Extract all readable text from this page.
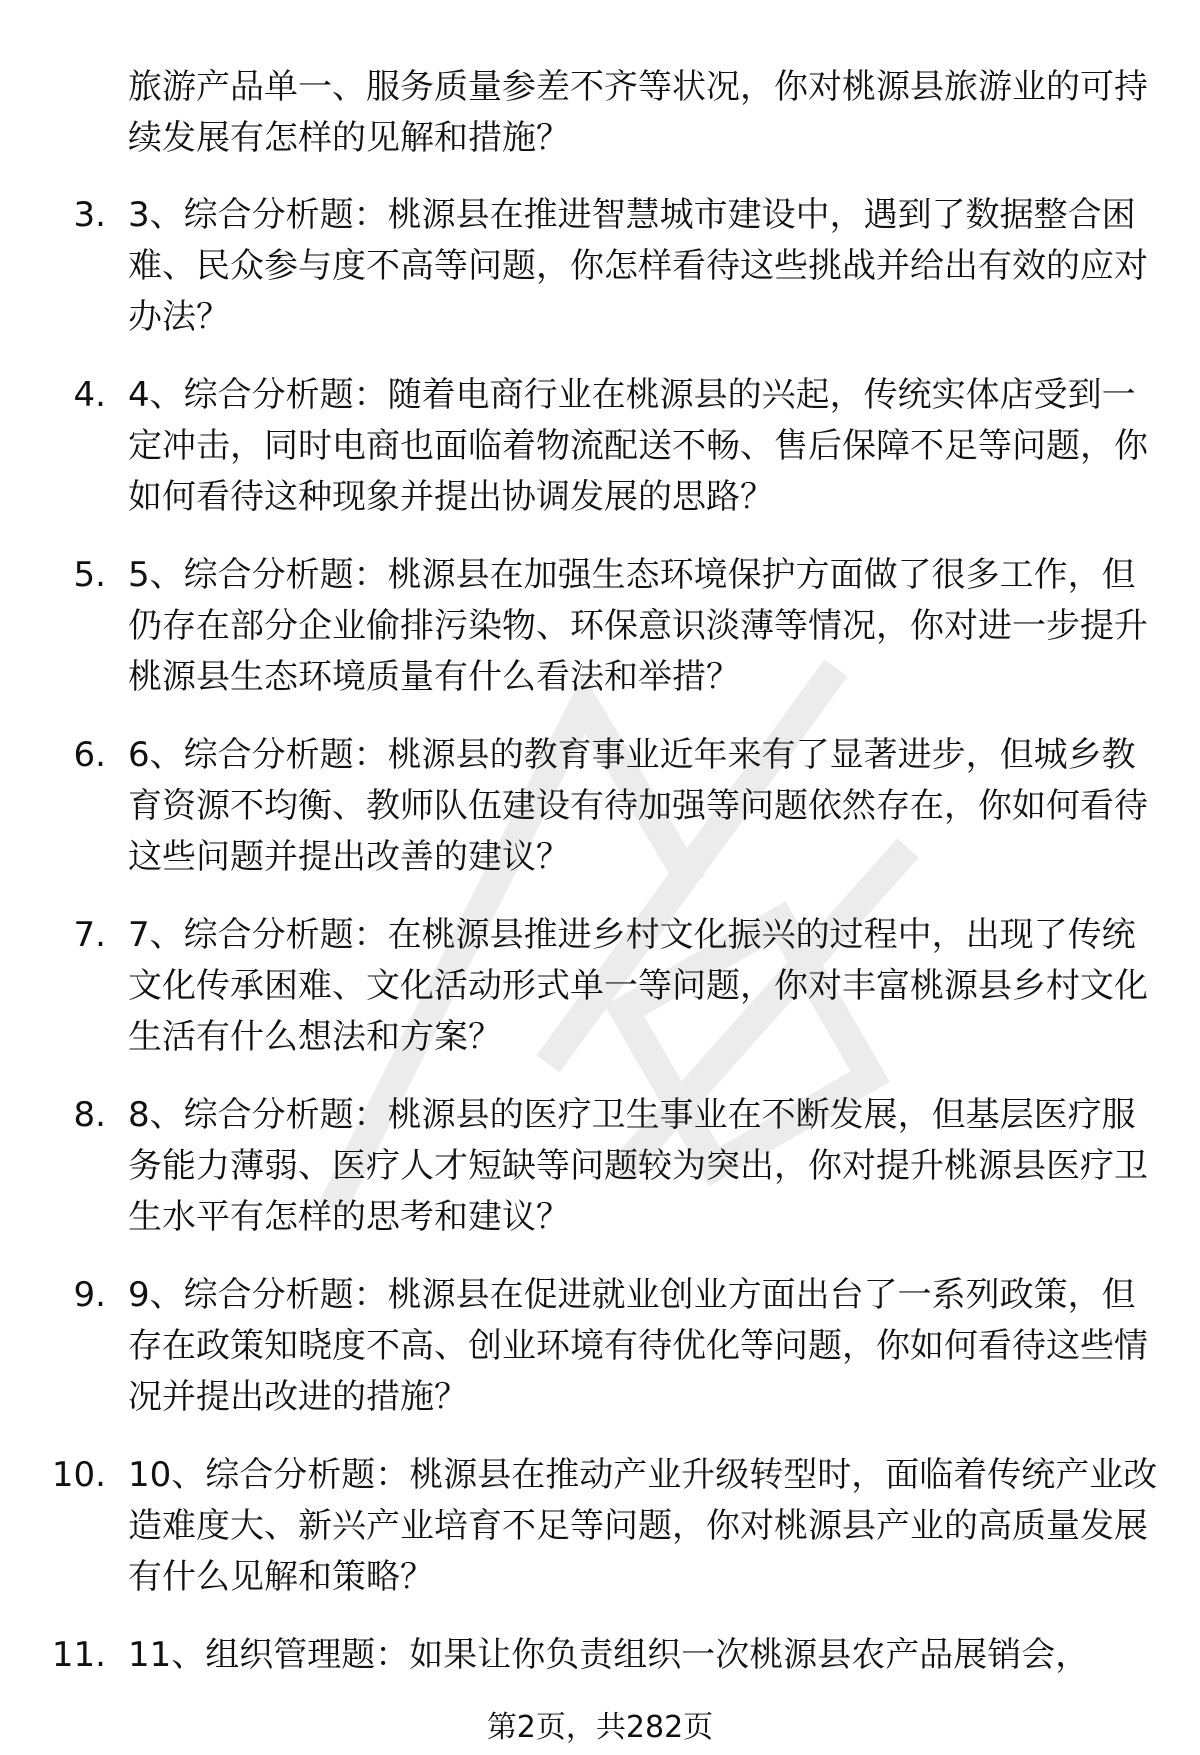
旅游产品单一、服务质量参差不齐等状况，你对桃源县旅游业的可持续发展有怎样的见解和措施？
3. 3、综合分析题：桃源县在推进智慧城市建设中，遇到了数据整合困难、民众参与度不高等问题，你怎样看待这些挑战并给出有效的应对办法？
4. 4、综合分析题：随着电商行业在桃源县的兴起，传统实体店受到一定冲击，同时电商也面临着物流配送不畅、售后保障不足等问题，你如何看待这种现象并提出协调发展的思路？
5. 5、综合分析题：桃源县在加强生态环境保护方面做了很多工作，但仍存在部分企业偷排污染物、环保意识淡薄等情况，你对进一步提升桃源县生态环境质量有什么看法和举措？
6. 6、综合分析题：桃源县的教育事业近年来有了显著进步，但城乡教育资源不均衡、教师队伍建设有待加强等问题依然存在，你如何看待这些问题并提出改善的建议？
7. 7、综合分析题：在桃源县推进乡村文化振兴的过程中，出现了传统文化传承困难、文化活动形式单一等问题，你对丰富桃源县乡村文化生活有什么想法和方案？
8. 8、综合分析题：桃源县的医疗卫生事业在不断发展，但基层医疗服务能力薄弱、医疗人才短缺等问题较为突出，你对提升桃源县医疗卫生水平有怎样的思考和建议？
9. 9、综合分析题：桃源县在促进就业创业方面出台了一系列政策，但存在政策知晓度不高、创业环境有待优化等问题，你如何看待这些情况并提出改进的措施？
10. 10、综合分析题：桃源县在推动产业升级转型时，面临着传统产业改造难度大、新兴产业培育不足等问题，你对桃源县产业的高质量发展有什么见解和策略？
11. 11、组织管理题：如果让你负责组织一次桃源县农产品展销会，
第2页，共282页
